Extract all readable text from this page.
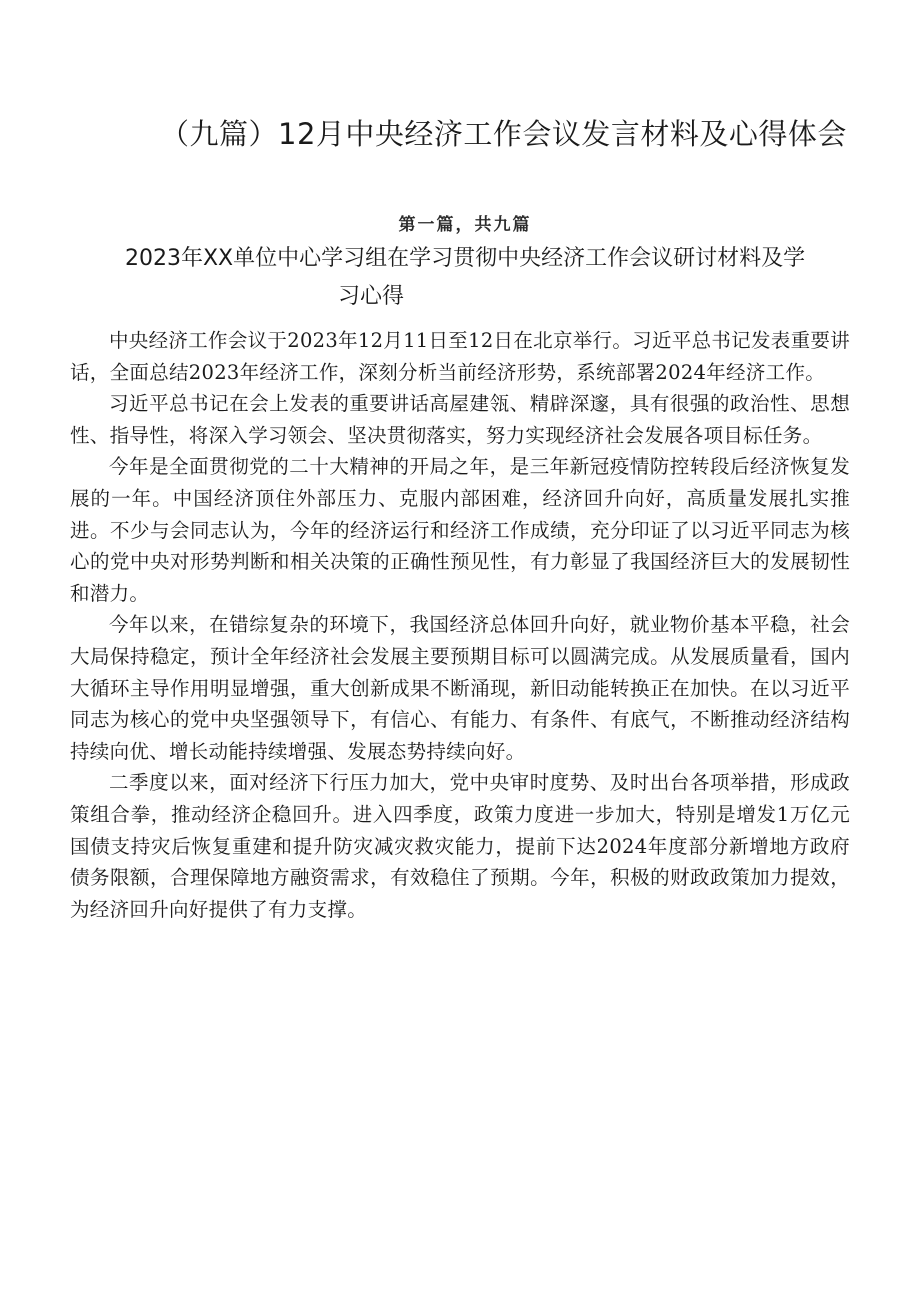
（九篇）12月中央经济工作会议发言材料及心得体会
第一篇，共九篇
2023年XX单位中心学习组在学习贯彻中央经济工作会议研讨材料及学
习心得

中央经济工作会议于2023年12月11日至12日在北京举行。习近平总书记发表重要讲话，全面总结2023年经济工作，深刻分析当前经济形势，系统部署2024年经济工作。

习近平总书记在会上发表的重要讲话高屋建瓴、精辟深邃，具有很强的政治性、思想性、指导性，将深入学习领会、坚决贯彻落实，努力实现经济社会发展各项目标任务。

今年是全面贯彻党的二十大精神的开局之年，是三年新冠疫情防控转段后经济恢复发展的一年。中国经济顶住外部压力、克服内部困难，经济回升向好，高质量发展扎实推进。不少与会同志认为，今年的经济运行和经济工作成绩，充分印证了以习近平同志为核心的党中央对形势判断和相关决策的正确性预见性，有力彰显了我国经济巨大的发展韧性和潜力。

今年以来，在错综复杂的环境下，我国经济总体回升向好，就业物价基本平稳，社会大局保持稳定，预计全年经济社会发展主要预期目标可以圆满完成。从发展质量看，国内大循环主导作用明显增强，重大创新成果不断涌现，新旧动能转换正在加快。在以习近平同志为核心的党中央坚强领导下，有信心、有能力、有条件、有底气，不断推动经济结构持续向优、增长动能持续增强、发展态势持续向好。

二季度以来，面对经济下行压力加大，党中央审时度势、及时出台各项举措，形成政策组合拳，推动经济企稳回升。进入四季度，政策力度进一步加大，特别是增发1万亿元国债支持灾后恢复重建和提升防灾减灾救灾能力，提前下达2024年度部分新增地方政府债务限额，合理保障地方融资需求，有效稳住了预期。今年，积极的财政政策加力提效，为经济回升向好提供了有力支撑。
